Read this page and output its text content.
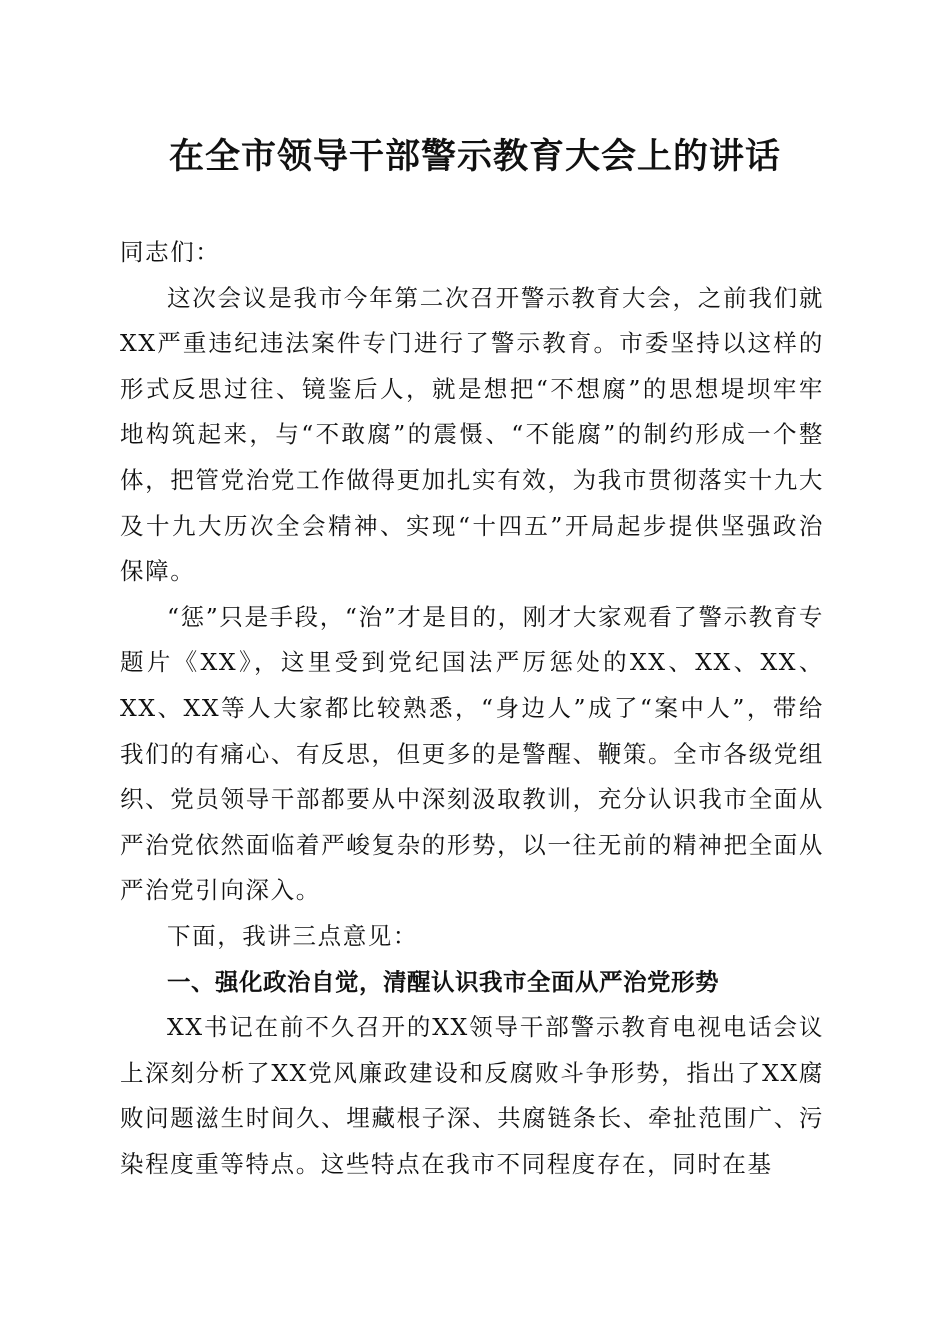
在全市领导干部警示教育大会上的讲话

同志们：

这次会议是我市今年第二次召开警示教育大会，之前我们就XX严重违纪违法案件专门进行了警示教育。市委坚持以这样的形式反思过往、镜鉴后人，就是想把“不想腐”的思想堤坝牢牢地构筑起来，与“不敢腐”的震慑、“不能腐”的制约形成一个整体，把管党治党工作做得更加扎实有效，为我市贯彻落实十九大及十九大历次全会精神、实现“十四五”开局起步提供坚强政治保障。

“惩”只是手段，“治”才是目的，刚才大家观看了警示教育专题片《XX》，这里受到党纪国法严厉惩处的XX、XX、XX、XX、XX等人大家都比较熟悉，“身边人”成了“案中人”，带给我们的有痛心、有反思，但更多的是警醒、鞭策。全市各级党组织、党员领导干部都要从中深刻汲取教训，充分认识我市全面从严治党依然面临着严峻复杂的形势，以一往无前的精神把全面从严治党引向深入。

下面，我讲三点意见：

一、强化政治自觉，清醒认识我市全面从严治党形势

XX书记在前不久召开的XX领导干部警示教育电视电话会议上深刻分析了XX党风廉政建设和反腐败斗争形势，指出了XX腐败问题滋生时间久、埋藏根子深、共腐链条长、牵扯范围广、污染程度重等特点。这些特点在我市不同程度存在，同时在基
